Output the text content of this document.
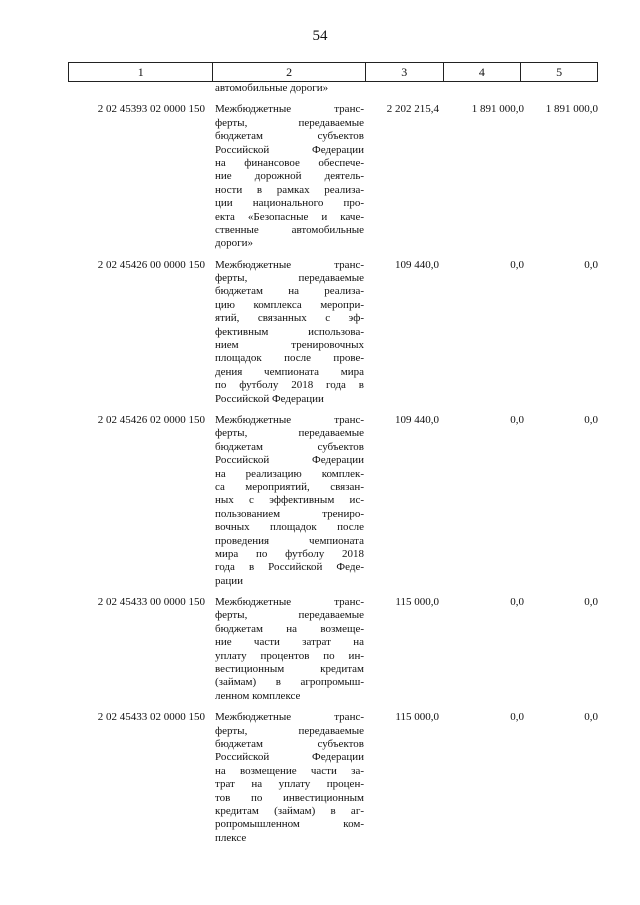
54
1	2	3	4	5
автомобильные дороги»
2 02 45393 02 0000 150 Межбюджетные транс-
ферты, передаваемые
бюджетам субъектов
Российской Федерации
на финансовое обеспече-
ние дорожной деятель-
ности в рамках реализа-
ции национального про-
екта «Безопасные и каче-
ственные автомобильные
дороги»
2 202 215,4	1 891 000,0	1 891 000,0
2 02 45426 00 0000 150 Межбюджетные транс-
ферты, передаваемые
бюджетам на реализа-
цию комплекса меропри-
ятий, связанных с эф-
фективным использова-
нием тренировочных
площадок после прове-
дения чемпионата мира
по футболу 2018 года в
Российской Федерации
109 440,0	0,0	0,0
2 02 45426 02 0000 150 Межбюджетные транс-
ферты, передаваемые
бюджетам субъектов
Российской Федерации
на реализацию комплек-
са мероприятий, связан-
ных с эффективным ис-
пользованием трениро-
вочных площадок после
проведения чемпионата
мира по футболу 2018
года в Российской Феде-
рации
109 440,0	0,0	0,0
2 02 45433 00 0000 150 Межбюджетные транс-
ферты, передаваемые
бюджетам на возмеще-
ние части затрат на
уплату процентов по ин-
вестиционным кредитам
(займам) в агропромыш-
ленном комплексе
115 000,0	0,0	0,0
2 02 45433 02 0000 150 Межбюджетные транс-
ферты, передаваемые
бюджетам субъектов
Российской Федерации
на возмещение части за-
трат на уплату процен-
тов по инвестиционным
кредитам (займам) в аг-
ропромышленном ком-
плексе
115 000,0	0,0	0,0
